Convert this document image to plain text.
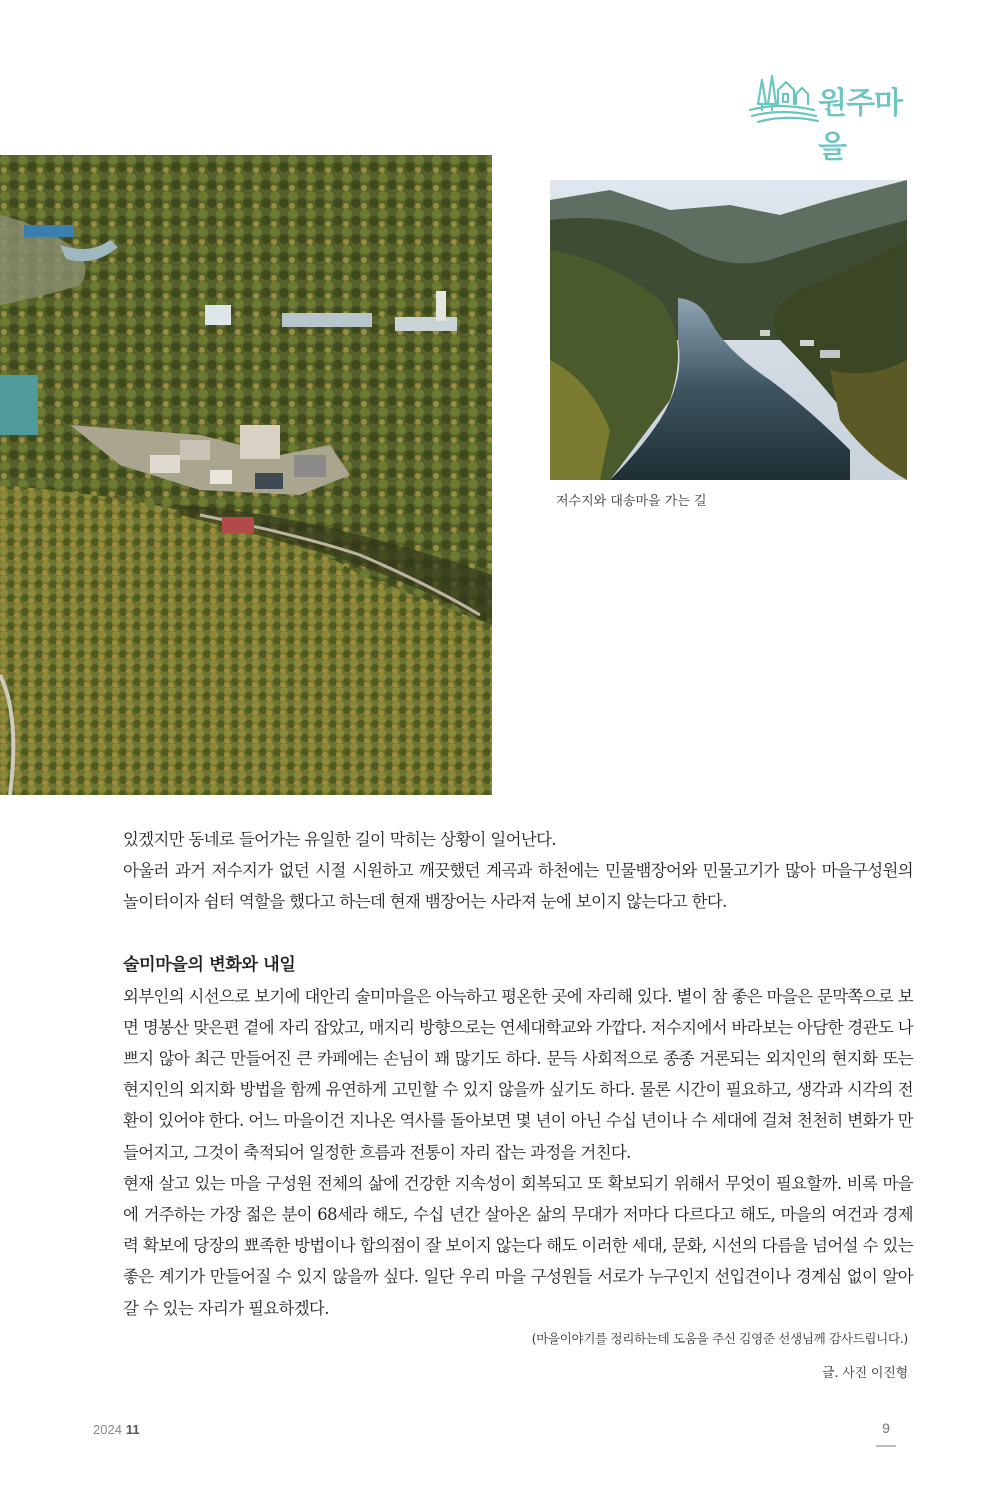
원주마을
저수지와 대송마을 가는 길

있겠지만 동네로 들어가는 유일한 길이 막히는 상황이 일어난다.

아울러 과거 저수지가 없던 시절 시원하고 깨끗했던 계곡과 하천에는 민물뱀장어와 민물고기가 많아 마을구성원의 놀이터이자 쉼터 역할을 했다고 하는데 현재 뱀장어는 사라져 눈에 보이지 않는다고 한다.

술미마을의 변화와 내일

외부인의 시선으로 보기에 대안리 술미마을은 아늑하고 평온한 곳에 자리해 있다. 볕이 참 좋은 마을은 문막쪽으로 보면 명봉산 맞은편 곁에 자리 잡았고, 매지리 방향으로는 연세대학교와 가깝다. 저수지에서 바라보는 아담한 경관도 나쁘지 않아 최근 만들어진 큰 카페에는 손님이 꽤 많기도 하다. 문득 사회적으로 종종 거론되는 외지인의 현지화 또는 현지인의 외지화 방법을 함께 유연하게 고민할 수 있지 않을까 싶기도 하다. 물론 시간이 필요하고, 생각과 시각의 전환이 있어야 한다. 어느 마을이건 지나온 역사를 돌아보면 몇 년이 아닌 수십 년이나 수 세대에 걸쳐 천천히 변화가 만들어지고, 그것이 축적되어 일정한 흐름과 전통이 자리 잡는 과정을 거친다.

현재 살고 있는 마을 구성원 전체의 삶에 건강한 지속성이 회복되고 또 확보되기 위해서 무엇이 필요할까. 비록 마을에 거주하는 가장 젊은 분이 68세라 해도, 수십 년간 살아온 삶의 무대가 저마다 다르다고 해도, 마을의 여건과 경제력 확보에 당장의 뾰족한 방법이나 합의점이 잘 보이지 않는다 해도 이러한 세대, 문화, 시선의 다름을 넘어설 수 있는 좋은 계기가 만들어질 수 있지 않을까 싶다. 일단 우리 마을 구성원들 서로가 누구인지 선입견이나 경계심 없이 알아갈 수 있는 자리가 필요하겠다.

(마을이야기를 정리하는데 도움을 주신 김영준 선생님께 감사드립니다.)
글. 사진 이진형
2024 11	9
